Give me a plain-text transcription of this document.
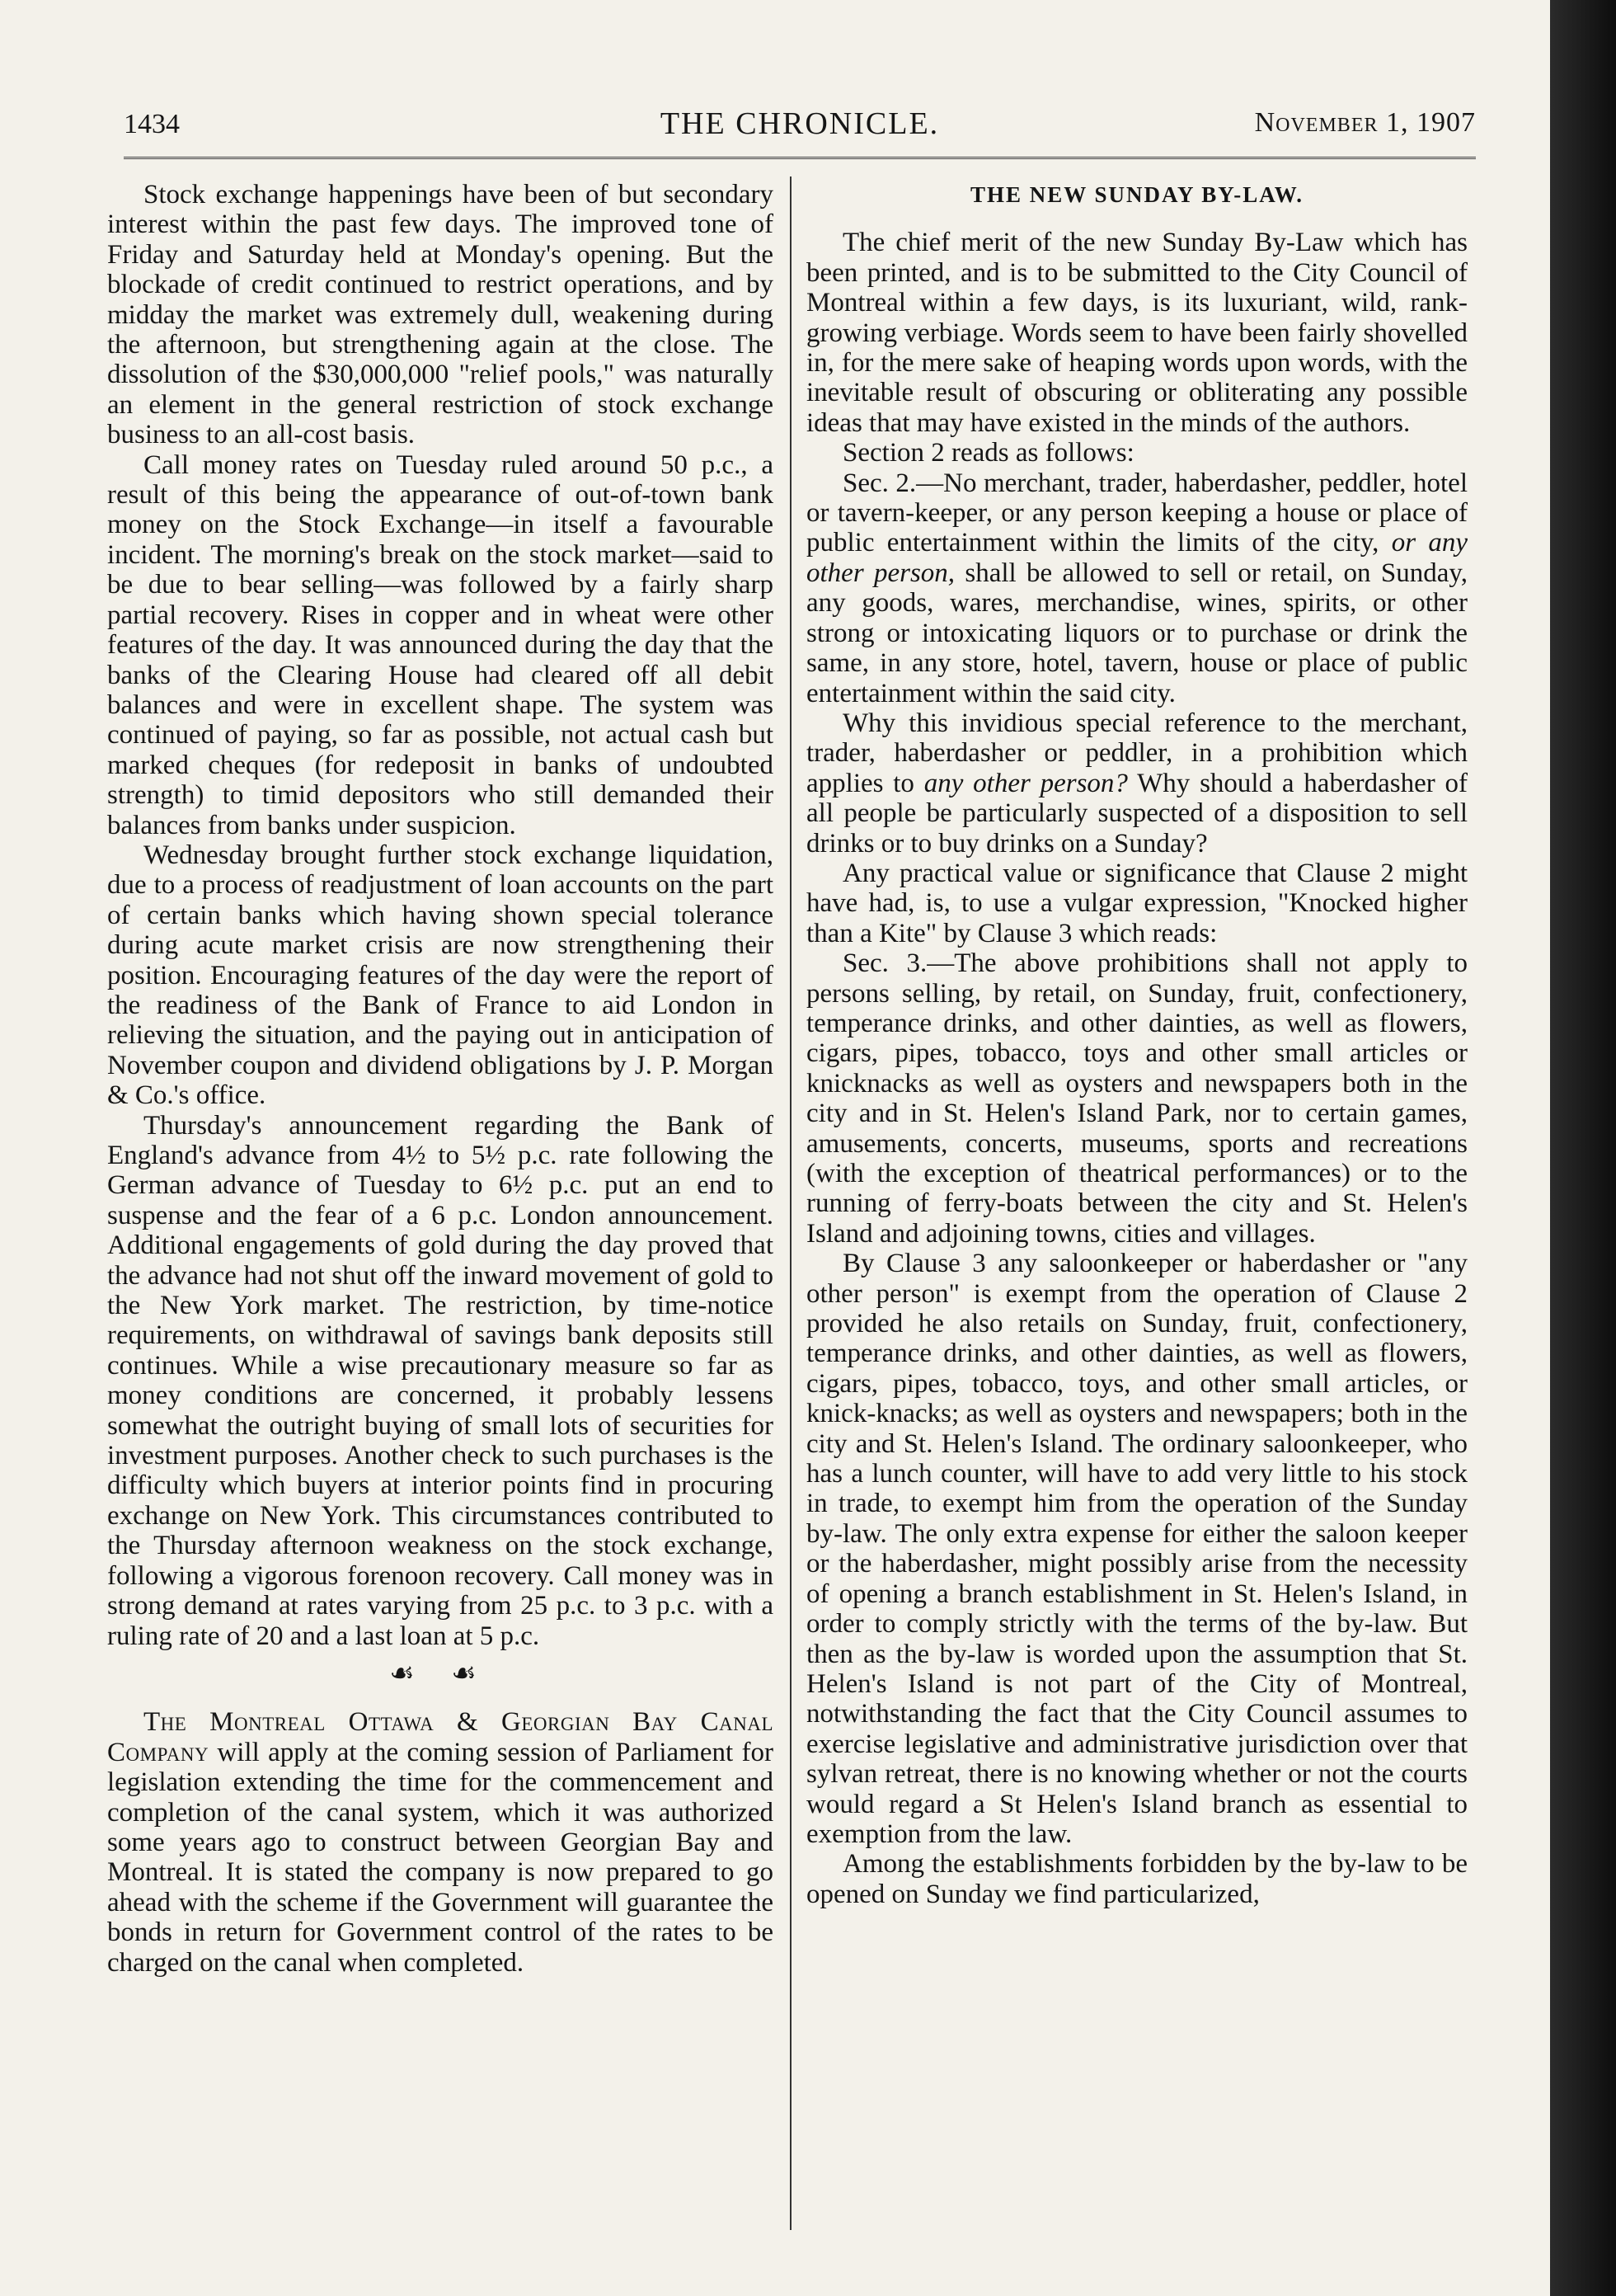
1434	THE CHRONICLE.	November 1, 1907

Stock exchange happenings have been of but secondary interest within the past few days. The improved tone of Friday and Saturday held at Monday's opening. But the blockade of credit continued to restrict operations, and by midday the market was extremely dull, weakening during the afternoon, but strengthening again at the close. The dissolution of the $30,000,000 "relief pools," was naturally an element in the general restriction of stock exchange business to an all-cost basis.

Call money rates on Tuesday ruled around 50 p.c., a result of this being the appearance of out-of-town bank money on the Stock Exchange—in itself a favourable incident. The morning's break on the stock market—said to be due to bear selling—was followed by a fairly sharp partial recovery. Rises in copper and in wheat were other features of the day. It was announced during the day that the banks of the Clearing House had cleared off all debit balances and were in excellent shape. The system was continued of paying, so far as possible, not actual cash but marked cheques (for redeposit in banks of undoubted strength) to timid depositors who still demanded their balances from banks under suspicion.

Wednesday brought further stock exchange liquidation, due to a process of readjustment of loan accounts on the part of certain banks which having shown special tolerance during acute market crisis are now strengthening their position. Encouraging features of the day were the report of the readiness of the Bank of France to aid London in relieving the situation, and the paying out in anticipation of November coupon and dividend obligations by J. P. Morgan & Co.'s office.

Thursday's announcement regarding the Bank of England's advance from 4½ to 5½ p.c. rate following the German advance of Tuesday to 6½ p.c. put an end to suspense and the fear of a 6 p.c. London announcement. Additional engagements of gold during the day proved that the advance had not shut off the inward movement of gold to the New York market. The restriction, by time-notice requirements, on withdrawal of savings bank deposits still continues. While a wise precautionary measure so far as money conditions are concerned, it probably lessens somewhat the outright buying of small lots of securities for investment purposes. Another check to such purchases is the difficulty which buyers at interior points find in procuring exchange on New York. This circumstances contributed to the Thursday afternoon weakness on the stock exchange, following a vigorous forenoon recovery. Call money was in strong demand at rates varying from 25 p.c. to 3 p.c. with a ruling rate of 20 and a last loan at 5 p.c.

☙ ☙

The Montreal Ottawa & Georgian Bay Canal Company will apply at the coming session of Parliament for legislation extending the time for the commencement and completion of the canal system, which it was authorized some years ago to construct between Georgian Bay and Montreal. It is stated the company is now prepared to go ahead with the scheme if the Government will guarantee the bonds in return for Government control of the rates to be charged on the canal when completed.

THE NEW SUNDAY BY-LAW.

The chief merit of the new Sunday By-Law which has been printed, and is to be submitted to the City Council of Montreal within a few days, is its luxuriant, wild, rank-growing verbiage. Words seem to have been fairly shovelled in, for the mere sake of heaping words upon words, with the inevitable result of obscuring or obliterating any possible ideas that may have existed in the minds of the authors.

Section 2 reads as follows:

Sec. 2.—No merchant, trader, haberdasher, peddler, hotel or tavern-keeper, or any person keeping a house or place of public entertainment within the limits of the city, or any other person, shall be allowed to sell or retail, on Sunday, any goods, wares, merchandise, wines, spirits, or other strong or intoxicating liquors or to purchase or drink the same, in any store, hotel, tavern, house or place of public entertainment within the said city.

Why this invidious special reference to the merchant, trader, haberdasher or peddler, in a prohibition which applies to any other person? Why should a haberdasher of all people be particularly suspected of a disposition to sell drinks or to buy drinks on a Sunday?

Any practical value or significance that Clause 2 might have had, is, to use a vulgar expression, "Knocked higher than a Kite" by Clause 3 which reads:

Sec. 3.—The above prohibitions shall not apply to persons selling, by retail, on Sunday, fruit, confectionery, temperance drinks, and other dainties, as well as flowers, cigars, pipes, tobacco, toys and other small articles or knicknacks as well as oysters and newspapers both in the city and in St. Helen's Island Park, nor to certain games, amusements, concerts, museums, sports and recreations (with the exception of theatrical performances) or to the running of ferry-boats between the city and St. Helen's Island and adjoining towns, cities and villages.

By Clause 3 any saloonkeeper or haberdasher or "any other person" is exempt from the operation of Clause 2 provided he also retails on Sunday, fruit, confectionery, temperance drinks, and other dainties, as well as flowers, cigars, pipes, tobacco, toys, and other small articles, or knick-knacks; as well as oysters and newspapers; both in the city and St. Helen's Island. The ordinary saloonkeeper, who has a lunch counter, will have to add very little to his stock in trade, to exempt him from the operation of the Sunday by-law. The only extra expense for either the saloon keeper or the haberdasher, might possibly arise from the necessity of opening a branch establishment in St. Helen's Island, in order to comply strictly with the terms of the by-law. But then as the by-law is worded upon the assumption that St. Helen's Island is not part of the City of Montreal, notwithstanding the fact that the City Council assumes to exercise legislative and administrative jurisdiction over that sylvan retreat, there is no knowing whether or not the courts would regard a St Helen's Island branch as essential to exemption from the law.

Among the establishments forbidden by the by-law to be opened on Sunday we find particularized,
